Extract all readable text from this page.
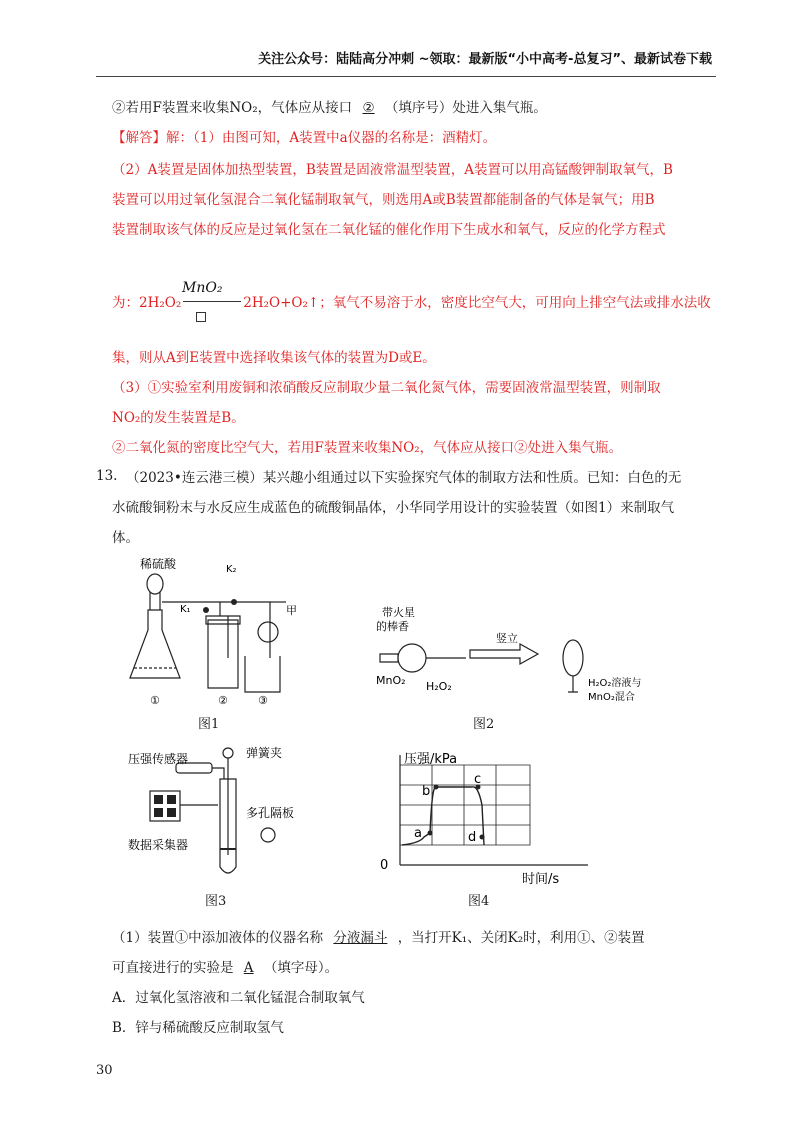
关注公众号：陆陆高分冲刺 ~领取：最新版“小中高考-总复习”、最新试卷下载
②若用F装置来收集NO₂，气体应从接口 ② （填序号）处进入集气瓶。
【解答】解：（1）由图可知，A装置中a仪器的名称是：酒精灯。
（2）A装置是固体加热型装置，B装置是固液常温型装置，A装置可以用高锰酸钾制取氧气，B
装置可以用过氧化氢混合二氧化锰制取氧气，则选用A或B装置都能制备的气体是氧气；用B
装置制取该气体的反应是过氧化氢在二氧化锰的催化作用下生成水和氧气，反应的化学方程式
MnO₂
为：2H₂O₂	2H₂O+O₂↑；氧气不易溶于水，密度比空气大，可用向上排空气法或排水法收
集，则从A到E装置中选择收集该气体的装置为D或E。
（3）①实验室利用废铜和浓硝酸反应制取少量二氧化氮气体，需要固液常温型装置，则制取
NO₂的发生装置是B。
②二氧化氮的密度比空气大，若用F装置来收集NO₂，气体应从接口②处进入集气瓶。
13. （2023•连云港三模）某兴趣小组通过以下实验探究气体的制取方法和性质。已知：白色的无
水硫酸铜粉末与水反应生成蓝色的硫酸铜晶体，小华同学用设计的实验装置（如图1）来制取气
体。
稀硫酸	K₂
K₁	甲
①	②	③
图1
带火星
的棒香
MnO₂ H₂O₂
竖立
H₂O₂溶液与
MnO₂混合
图2
压强传感器	弹簧夹
多孔隔板
数据采集器
图3
压强/kPa
时间/s
0
a
b
c
d
图4
（1）装置①中添加液体的仪器名称 分液漏斗 ，当打开K₁、关闭K₂时，利用①、②装置
可直接进行的实验是 A （填字母）。
A．过氧化氢溶液和二氧化锰混合制取氧气
B．锌与稀硫酸反应制取氢气
30
